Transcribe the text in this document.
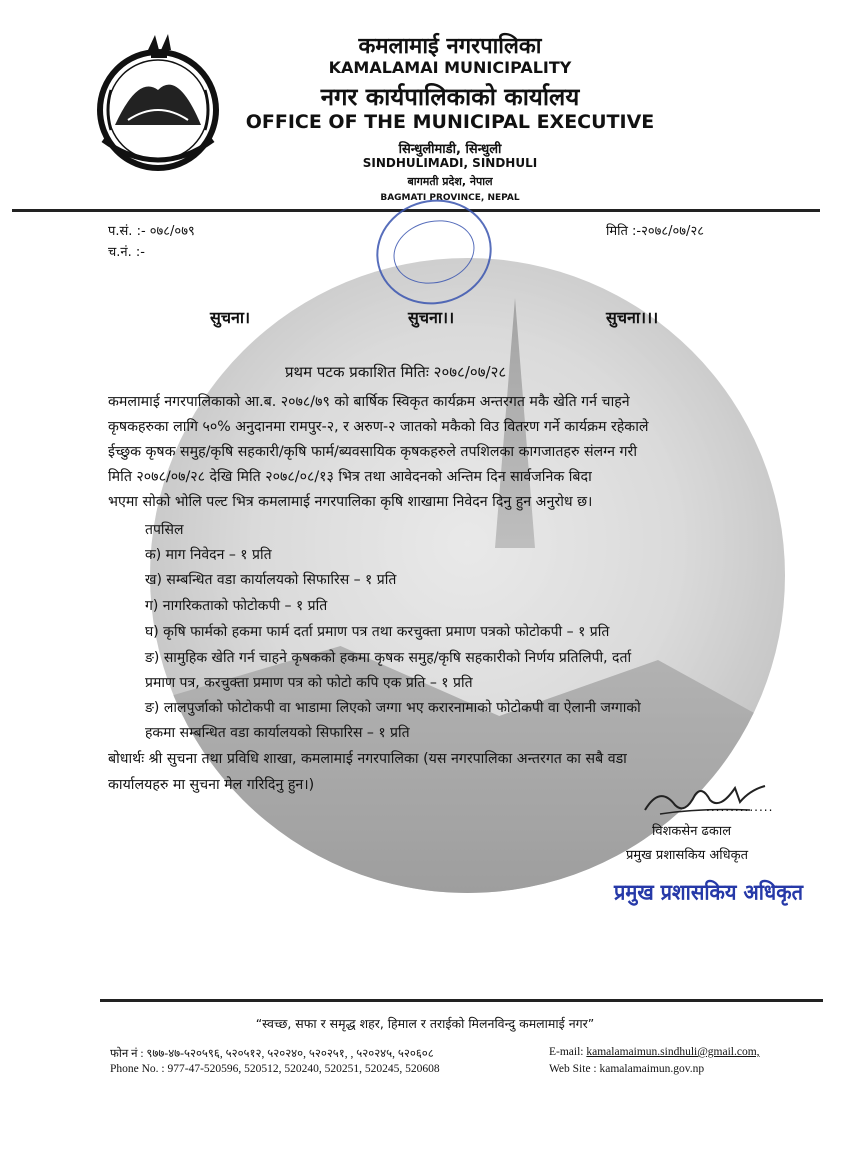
कमलामाई नगरपालिका
KAMALAMAI MUNICIPALITY
नगर कार्यपालिकाको कार्यालय
OFFICE OF THE MUNICIPAL EXECUTIVE
सिन्धुलीमाडी, सिन्धुली
SINDHULIMADI, SINDHULI
बागमती प्रदेश, नेपाल
BAGMATI PROVINCE, NEPAL
प.सं. :- ०७८/०७९
च.नं. :-
मिति :-२०७८/०७/२८
सुचना।	सुचना।।	सुचना।।।
प्रथम पटक प्रकाशित मितिः २०७८/०७/२८
कमलामाई नगरपालिकाको आ.ब. २०७८/७९ को बार्षिक स्विकृत कार्यक्रम अन्तरगत मकै खेति गर्न चाहने
कृषकहरुका लागि ५०% अनुदानमा रामपुर-२, र अरुण-२ जातको मकैको विउ वितरण गर्ने कार्यक्रम रहेकाले
ईच्छुक कृषक समुह/कृषि सहकारी/कृषि फार्म/ब्यवसायिक कृषकहरुले तपशिलका कागजातहरु संलग्न गरी
मिति २०७८/०७/२८ देखि मिति २०७८/०८/१३ भित्र तथा आवेदनको अन्तिम दिन सार्वजनिक बिदा
भएमा सोको भोलि पल्ट भित्र कमलामाई नगरपालिका कृषि शाखामा निवेदन दिनु हुन अनुरोध छ।
तपसिल
क) माग निवेदन – १ प्रति
ख) सम्बन्धित वडा कार्यालयको सिफारिस – १ प्रति
ग) नागरिकताको फोटोकपी – १ प्रति
घ) कृषि फार्मको हकमा फार्म दर्ता प्रमाण पत्र तथा करचुक्ता प्रमाण पत्रको फोटोकपी – १ प्रति
ङ) सामुहिक खेति गर्न चाहने कृषकको हकमा कृषक समुह/कृषि सहकारीको निर्णय प्रतिलिपी, दर्ता
प्रमाण पत्र, करचुक्ता प्रमाण पत्र को फोटो कपि एक प्रति – १ प्रति
ङ) लालपुर्जाको फोटोकपी वा भाडामा लिएको जग्गा भए करारनामाको फोटोकपी वा ऐलानी जग्गाको
हकमा सम्बन्धित वडा कार्यालयको सिफारिस – १ प्रति
बोधार्थः श्री सुचना तथा प्रविधि शाखा, कमलामाई नगरपालिका (यस नगरपालिका अन्तरगत का सबै वडा
कार्यालयहरु मा सुचना मेल गरिदिनु हुन।)
..............
विशकसेन ढकाल
प्रमुख प्रशासकिय अधिकृत
प्रमुख प्रशासकिय अधिकृत
“स्वच्छ, सफा र समृद्ध शहर, हिमाल र तराईको मिलनविन्दु कमलामाई नगर”
फोन नं : ९७७-४७-५२०५९६, ५२०५१२, ५२०२४०, ५२०२५१, , ५२०२४५, ५२०६०८
Phone No. : 977-47-520596, 520512, 520240, 520251, 520245, 520608
E-mail: kamalamaimun.sindhuli@gmail.com,
Web Site : kamalamaimun.gov.np
